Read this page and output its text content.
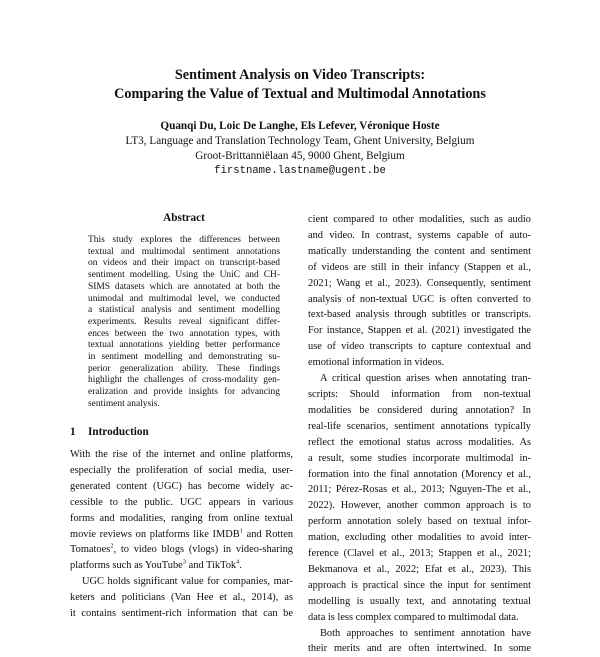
Sentiment Analysis on Video Transcripts:
Comparing the Value of Textual and Multimodal Annotations
Quanqi Du, Loic De Langhe, Els Lefever, Véronique Hoste
LT3, Language and Translation Technology Team, Ghent University, Belgium
Groot-Brittanniëlaan 45, 9000 Ghent, Belgium
firstname.lastname@ugent.be
Abstract
This study explores the differences between
textual and multimodal sentiment annotations
on videos and their impact on transcript-based
sentiment modelling. Using the UniC and CH-
SIMS datasets which are annotated at both the
unimodal and multimodal level, we conducted
a statistical analysis and sentiment modelling
experiments. Results reveal significant differ-
ences between the two annotation types, with
textual annotations yielding better performance
in sentiment modelling and demonstrating su-
perior generalization ability. These findings
highlight the challenges of cross-modality gen-
eralization and provide insights for advancing
sentiment analysis.
1 Introduction
With the rise of the internet and online platforms,
especially the proliferation of social media, user-
generated content (UGC) has become widely ac-
cessible to the public. UGC appears in various
forms and modalities, ranging from online textual
movie reviews on platforms like IMDB$^1$ and Rotten
Tomatoes$^2$, to video blogs (vlogs) in video-sharing
platforms such as YouTube$^3$ and TikTok$^4$.
UGC holds significant value for companies, mar-
keters and politicians (Van Hee et al., 2014), as
it contains sentiment-rich information that can be
cient compared to other modalities, such as audio
and video. In contrast, systems capable of auto-
matically understanding the content and sentiment
of videos are still in their infancy (Stappen et al.,
2021; Wang et al., 2023). Consequently, sentiment
analysis of non-textual UGC is often converted to
text-based analysis through subtitles or transcripts.
For instance, Stappen et al. (2021) investigated the
use of video transcripts to capture contextual and
emotional information in videos.
A critical question arises when annotating tran-
scripts: Should information from non-textual
modalities be considered during annotation? In
real-life scenarios, sentiment annotations typically
reflect the emotional status across modalities. As
a result, some studies incorporate multimodal in-
formation into the final annotation (Morency et al.,
2011; Pérez-Rosas et al., 2013; Nguyen-The et al.,
2022). However, another common approach is to
perform annotation solely based on textual infor-
mation, excluding other modalities to avoid inter-
ference (Clavel et al., 2013; Stappen et al., 2021;
Bekmanova et al., 2022; Efat et al., 2023). This
approach is practical since the input for sentiment
modelling is usually text, and annotating textual
data is less complex compared to multimodal data.
Both approaches to sentiment annotation have
their merits and are often intertwined. In some
